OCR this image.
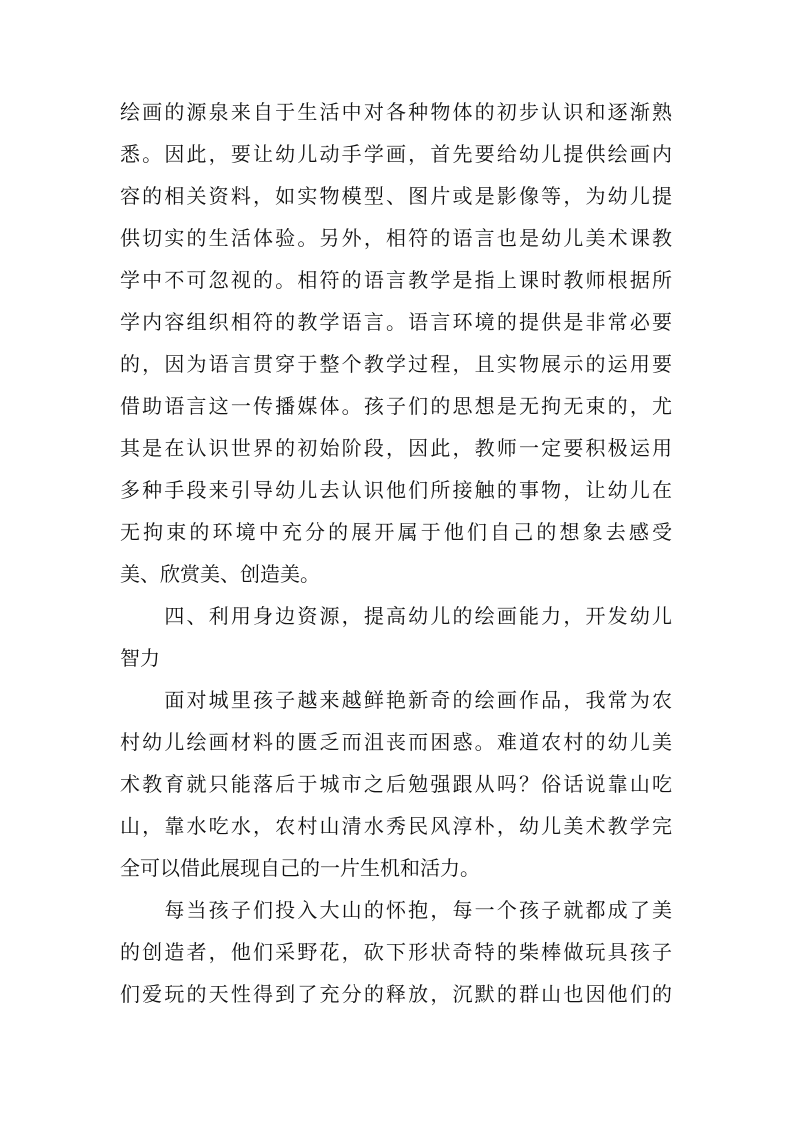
绘画的源泉来自于生活中对各种物体的初步认识和逐渐熟
悉。因此，要让幼儿动手学画，首先要给幼儿提供绘画内
容的相关资料，如实物模型、图片或是影像等，为幼儿提
供切实的生活体验。另外，相符的语言也是幼儿美术课教
学中不可忽视的。相符的语言教学是指上课时教师根据所
学内容组织相符的教学语言。语言环境的提供是非常必要
的，因为语言贯穿于整个教学过程，且实物展示的运用要
借助语言这一传播媒体。孩子们的思想是无拘无束的，尤
其是在认识世界的初始阶段，因此，教师一定要积极运用
多种手段来引导幼儿去认识他们所接触的事物，让幼儿在
无拘束的环境中充分的展开属于他们自己的想象去感受
美、欣赏美、创造美。
　　四、利用身边资源，提高幼儿的绘画能力，开发幼儿
智力
　　面对城里孩子越来越鲜艳新奇的绘画作品，我常为农
村幼儿绘画材料的匮乏而沮丧而困惑。难道农村的幼儿美
术教育就只能落后于城市之后勉强跟从吗？俗话说靠山吃
山，靠水吃水，农村山清水秀民风淳朴，幼儿美术教学完
全可以借此展现自己的一片生机和活力。
　　每当孩子们投入大山的怀抱，每一个孩子就都成了美
的创造者，他们采野花，砍下形状奇特的柴棒做玩具孩子
们爱玩的天性得到了充分的释放，沉默的群山也因他们的
